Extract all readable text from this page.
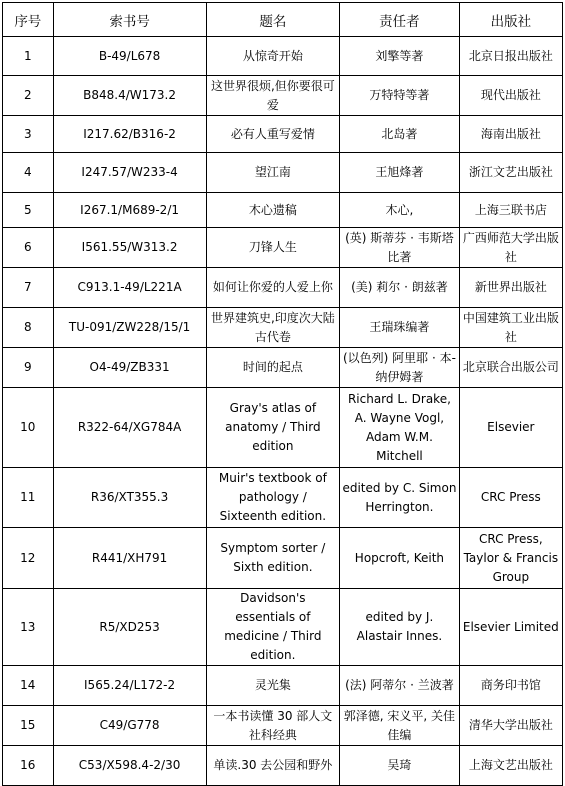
序号	索书号	题名	责任者	出版社
1	B-49/L678	从惊奇开始	刘擎等著	北京日报出版社
2	B848.4/W173.2	这世界很烦,但你要很可爱	万特特等著	现代出版社
3	I217.62/B316-2	必有人重写爱情	北岛著	海南出版社
4	I247.57/W233-4	望江南	王旭烽著	浙江文艺出版社
5	I267.1/M689-2/1	木心遗稿	木心,	上海三联书店
6	I561.55/W313.2	刀锋人生	(英) 斯蒂芬 · 韦斯塔比著	广西师范大学出版社
7	C913.1-49/L221A	如何让你爱的人爱上你	(美) 莉尔 · 朗兹著	新世界出版社
8	TU-091/ZW228/15/1	世界建筑史,印度次大陆古代卷	王瑞珠编著	中国建筑工业出版社
9	O4-49/ZB331	时间的起点	(以色列) 阿里耶 · 本-纳伊姆著	北京联合出版公司
10	R322-64/XG784A	Gray's atlas of anatomy / Third edition	Richard L. Drake, A. Wayne Vogl, Adam W.M. Mitchell	Elsevier
11	R36/XT355.3	Muir's textbook of pathology / Sixteenth edition.	edited by C. Simon Herrington.	CRC Press
12	R441/XH791	Symptom sorter / Sixth edition.	Hopcroft, Keith	CRC Press, Taylor & Francis Group
13	R5/XD253	Davidson's essentials of medicine / Third edition.	edited by J. Alastair Innes.	Elsevier Limited
14	I565.24/L172-2	灵光集	(法) 阿蒂尔 · 兰波著	商务印书馆
15	C49/G778	一本书读懂 30 部人文社科经典	郭泽德, 宋义平, 关佳佳编	清华大学出版社
16	C53/X598.4-2/30	单读.30 去公园和野外	吴琦	上海文艺出版社
